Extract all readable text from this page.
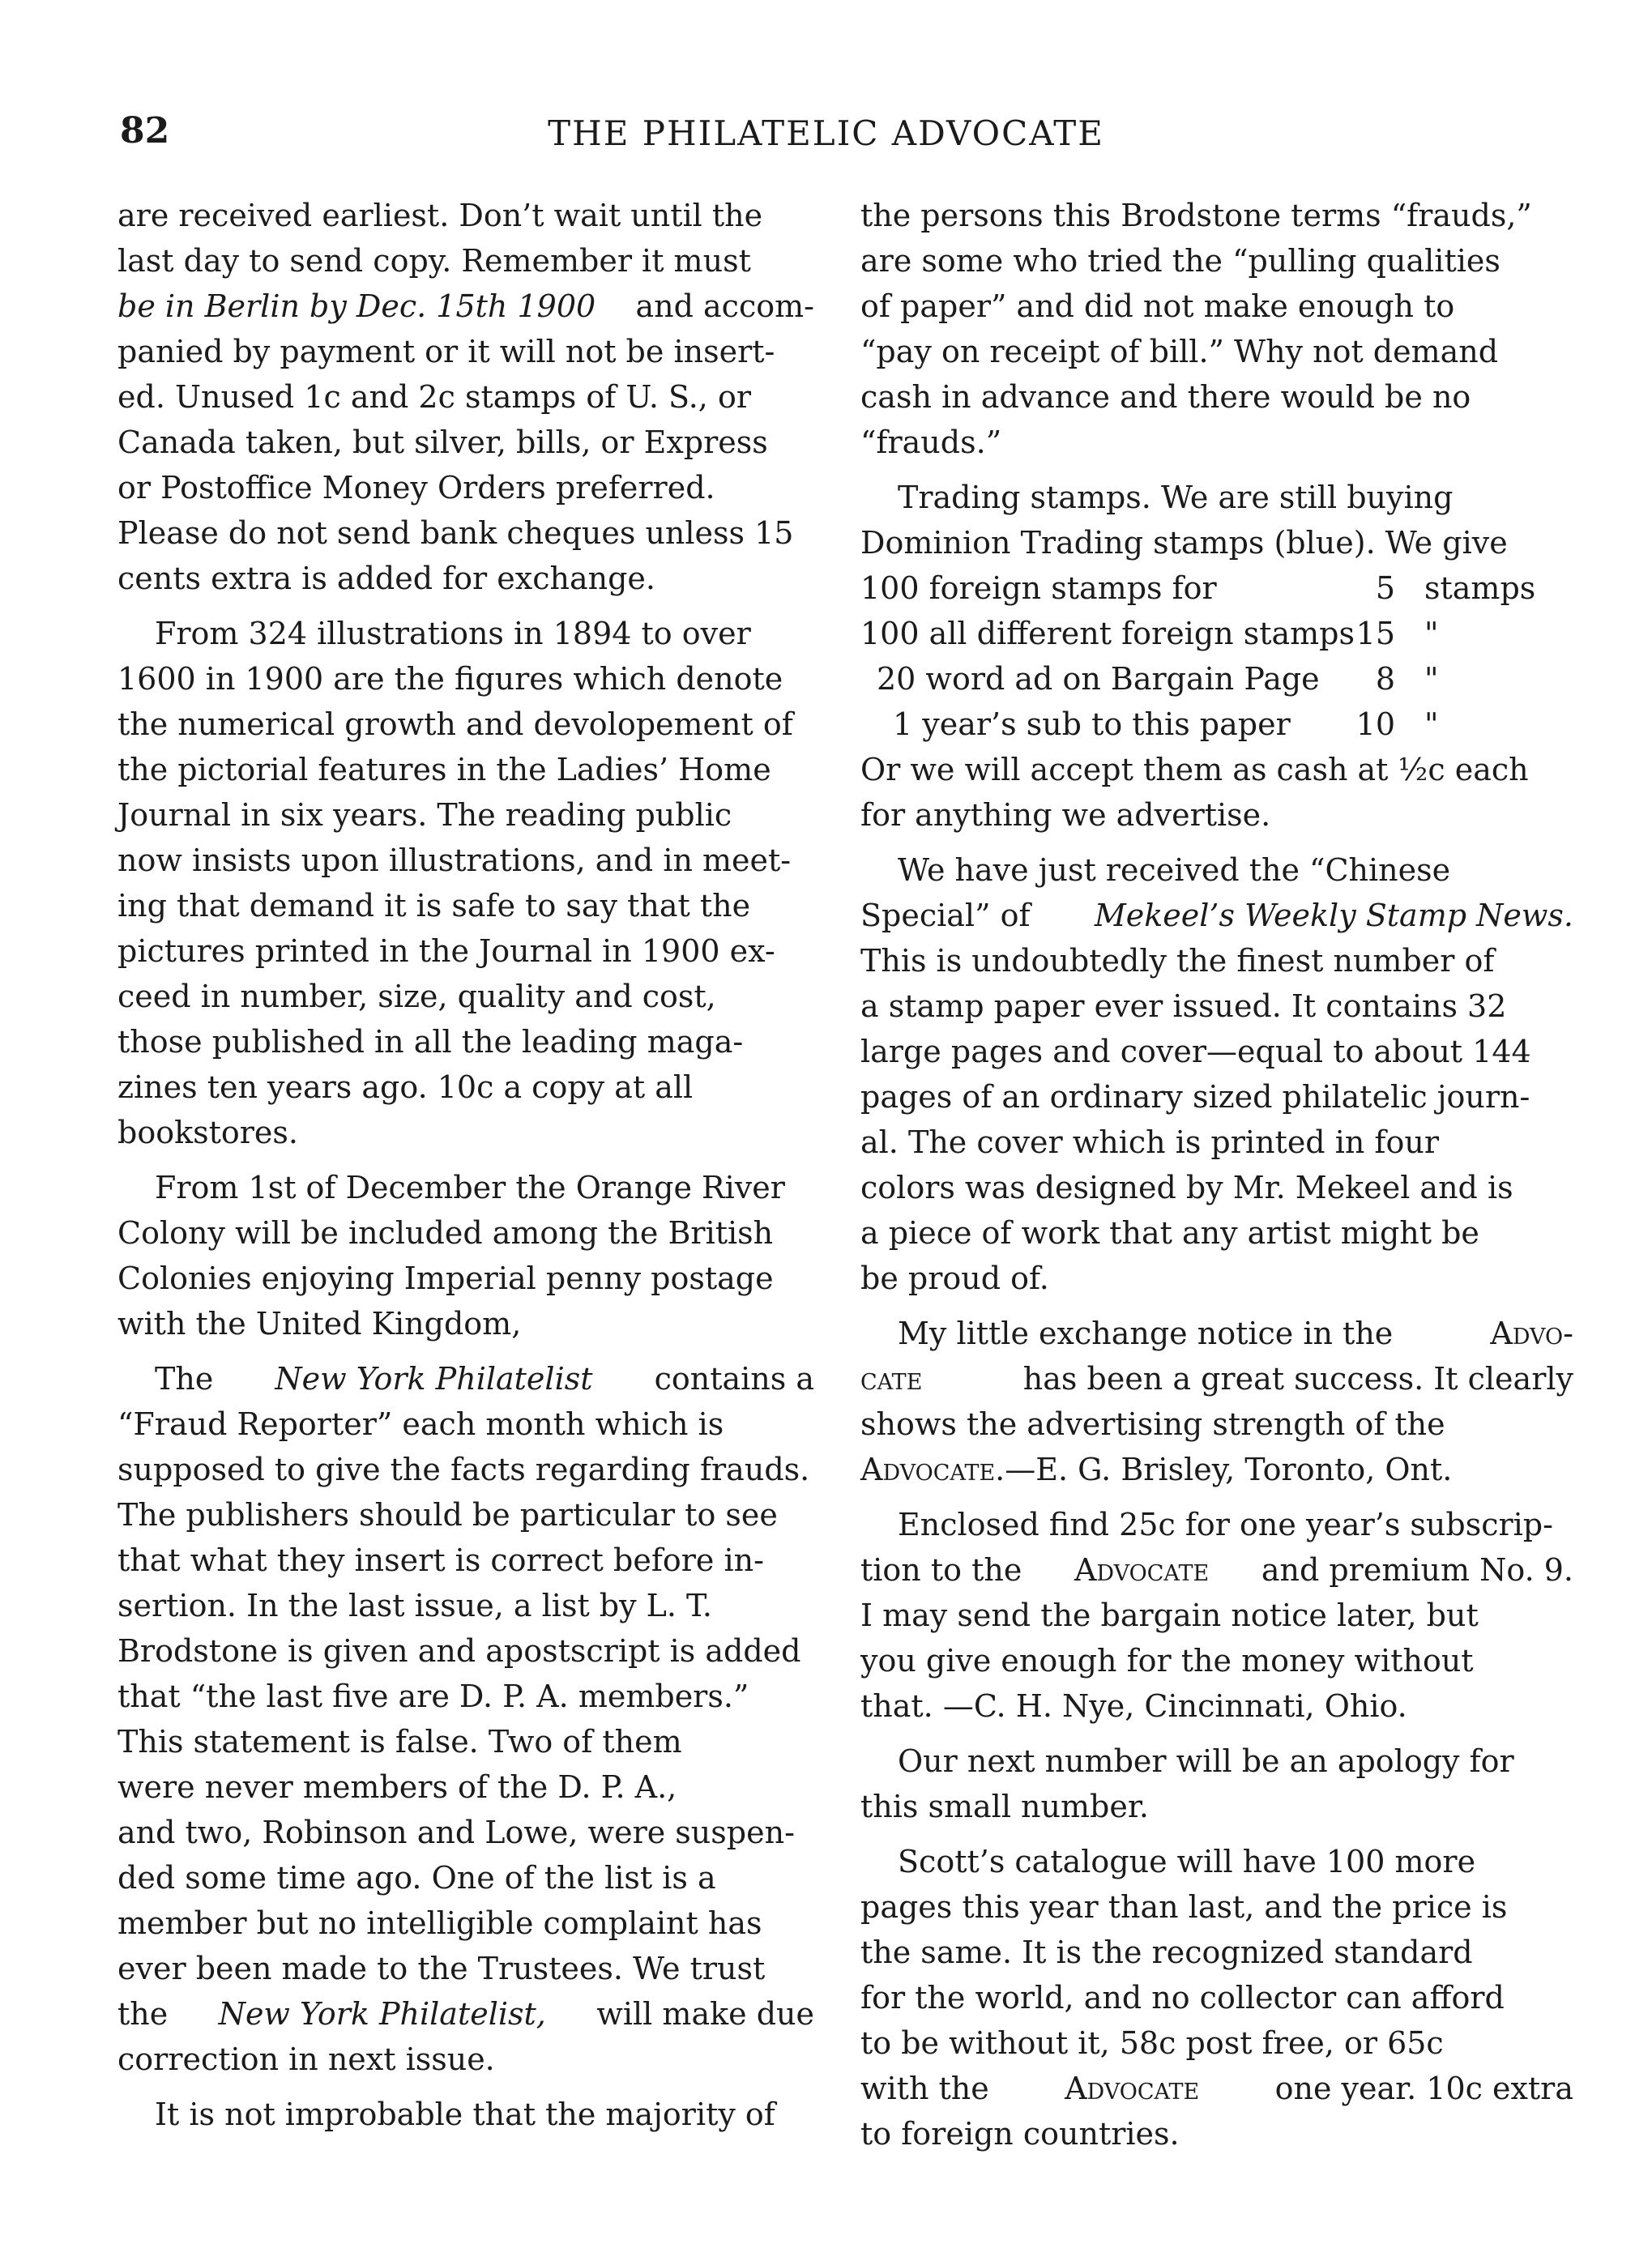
82	THE PHILATELIC ADVOCATE
are received earliest. Don’t wait until the
last day to send copy. Remember it must
be in Berlin by Dec. 15th 1900 and accom-
panied by payment or it will not be insert-
ed. Unused 1c and 2c stamps of U. S., or
Canada taken, but silver, bills, or Express
or Postoffice Money Orders preferred.
Please do not send bank cheques unless 15
cents extra is added for exchange.
From 324 illustrations in 1894 to over
1600 in 1900 are the figures which denote
the numerical growth and devolopement of
the pictorial features in the Ladies’ Home
Journal in six years. The reading public
now insists upon illustrations, and in meet-
ing that demand it is safe to say that the
pictures printed in the Journal in 1900 ex-
ceed in number, size, quality and cost,
those published in all the leading maga-
zines ten years ago. 10c a copy at all
bookstores.
From 1st of December the Orange River
Colony will be included among the British
Colonies enjoying Imperial penny postage
with the United Kingdom,
The New York Philatelist contains a
“Fraud Reporter” each month which is
supposed to give the facts regarding frauds.
The publishers should be particular to see
that what they insert is correct before in-
sertion. In the last issue, a list by L. T.
Brodstone is given and apostscript is added
that “the last five are D. P. A. members.”
This statement is false. Two of them
were never members of the D. P. A.,
and two, Robinson and Lowe, were suspen-
ded some time ago. One of the list is a
member but no intelligible complaint has
ever been made to the Trustees. We trust
the New York Philatelist, will make due
correction in next issue.
It is not improbable that the majority of
the persons this Brodstone terms “frauds,”
are some who tried the “pulling qualities
of paper” and did not make enough to
“pay on receipt of bill.” Why not demand
cash in advance and there would be no
“frauds.”
Trading stamps. We are still buying
Dominion Trading stamps (blue). We give
100 foreign stamps for	5 stamps
100 all different foreign stamps 15 "
20 word ad on Bargain Page	8 "
1 year’s sub to this paper	10 "
Or we will accept them as cash at ½c each
for anything we advertise.
We have just received the “Chinese
Special” of Mekeel’s Weekly Stamp News.
This is undoubtedly the finest number of
a stamp paper ever issued. It contains 32
large pages and cover—equal to about 144
pages of an ordinary sized philatelic journ-
al. The cover which is printed in four
colors was designed by Mr. Mekeel and is
a piece of work that any artist might be
be proud of.
My little exchange notice in the	Advo-
cate	has been a great success. It clearly
shows the advertising strength of the
Advocate. —E. G. Brisley, Toronto, Ont.
Enclosed find 25c for one year’s subscrip-
tion to the Advocate and premium No. 9.
I may send the bargain notice later, but
you give enough for the money without
that. —C. H. Nye, Cincinnati, Ohio.
Our next number will be an apology for
this small number.
Scott’s catalogue will have 100 more
pages this year than last, and the price is
the same. It is the recognized standard
for the world, and no collector can afford
to be without it, 58c post free, or 65c
with the Advocate one year. 10c extra
to foreign countries.
